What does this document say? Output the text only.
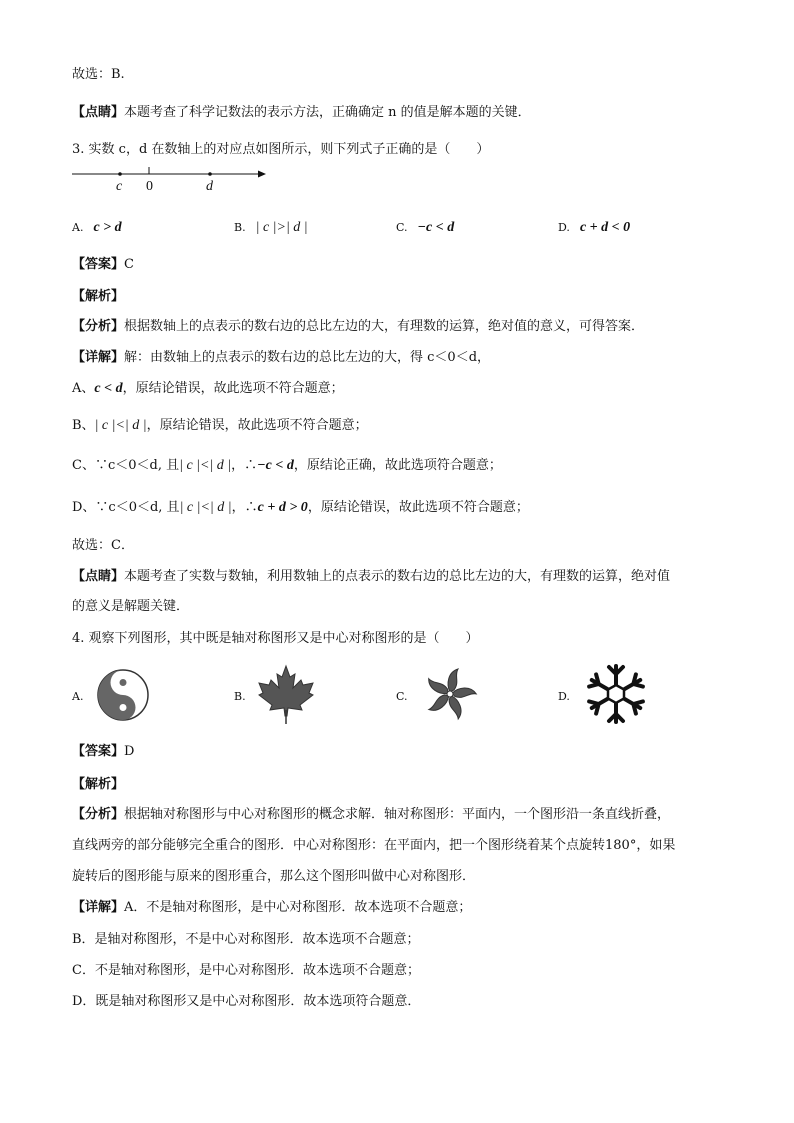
故选：B.
【点睛】本题考查了科学记数法的表示方法，正确确定 n 的值是解本题的关键．
3. 实数 c，d 在数轴上的对应点如图所示，则下列式子正确的是（　　）
c 0	d
A. c > d	B. | c |>| d |	C. −c < d	D. c + d < 0
【答案】C
【解析】
【分析】根据数轴上的点表示的数右边的总比左边的大，有理数的运算，绝对值的意义，可得答案．
【详解】解：由数轴上的点表示的数右边的总比左边的大，得 c＜0＜d，
A、c < d，原结论错误，故此选项不符合题意；
B、| c |<| d |，原结论错误，故此选项不符合题意；
C、∵c＜0＜d, 且| c |<| d |，∴−c < d，原结论正确，故此选项符合题意；
D、∵c＜0＜d, 且| c |<| d |，∴c + d > 0，原结论错误，故此选项不符合题意；
故选：C．
【点睛】本题考查了实数与数轴，利用数轴上的点表示的数右边的总比左边的大，有理数的运算，绝对值
的意义是解题关键．
4. 观察下列图形，其中既是轴对称图形又是中心对称图形的是（　　）
A.	B.	C.	D.
【答案】D
【解析】
【分析】根据轴对称图形与中心对称图形的概念求解．轴对称图形：平面内，一个图形沿一条直线折叠，
直线两旁的部分能够完全重合的图形．中心对称图形：在平面内，把一个图形绕着某个点旋转180°，如果
旋转后的图形能与原来的图形重合，那么这个图形叫做中心对称图形．
【详解】A．不是轴对称图形，是中心对称图形．故本选项不合题意；
B．是轴对称图形，不是中心对称图形．故本选项不合题意；
C．不是轴对称图形，是中心对称图形．故本选项不合题意；
D．既是轴对称图形又是中心对称图形．故本选项符合题意．
